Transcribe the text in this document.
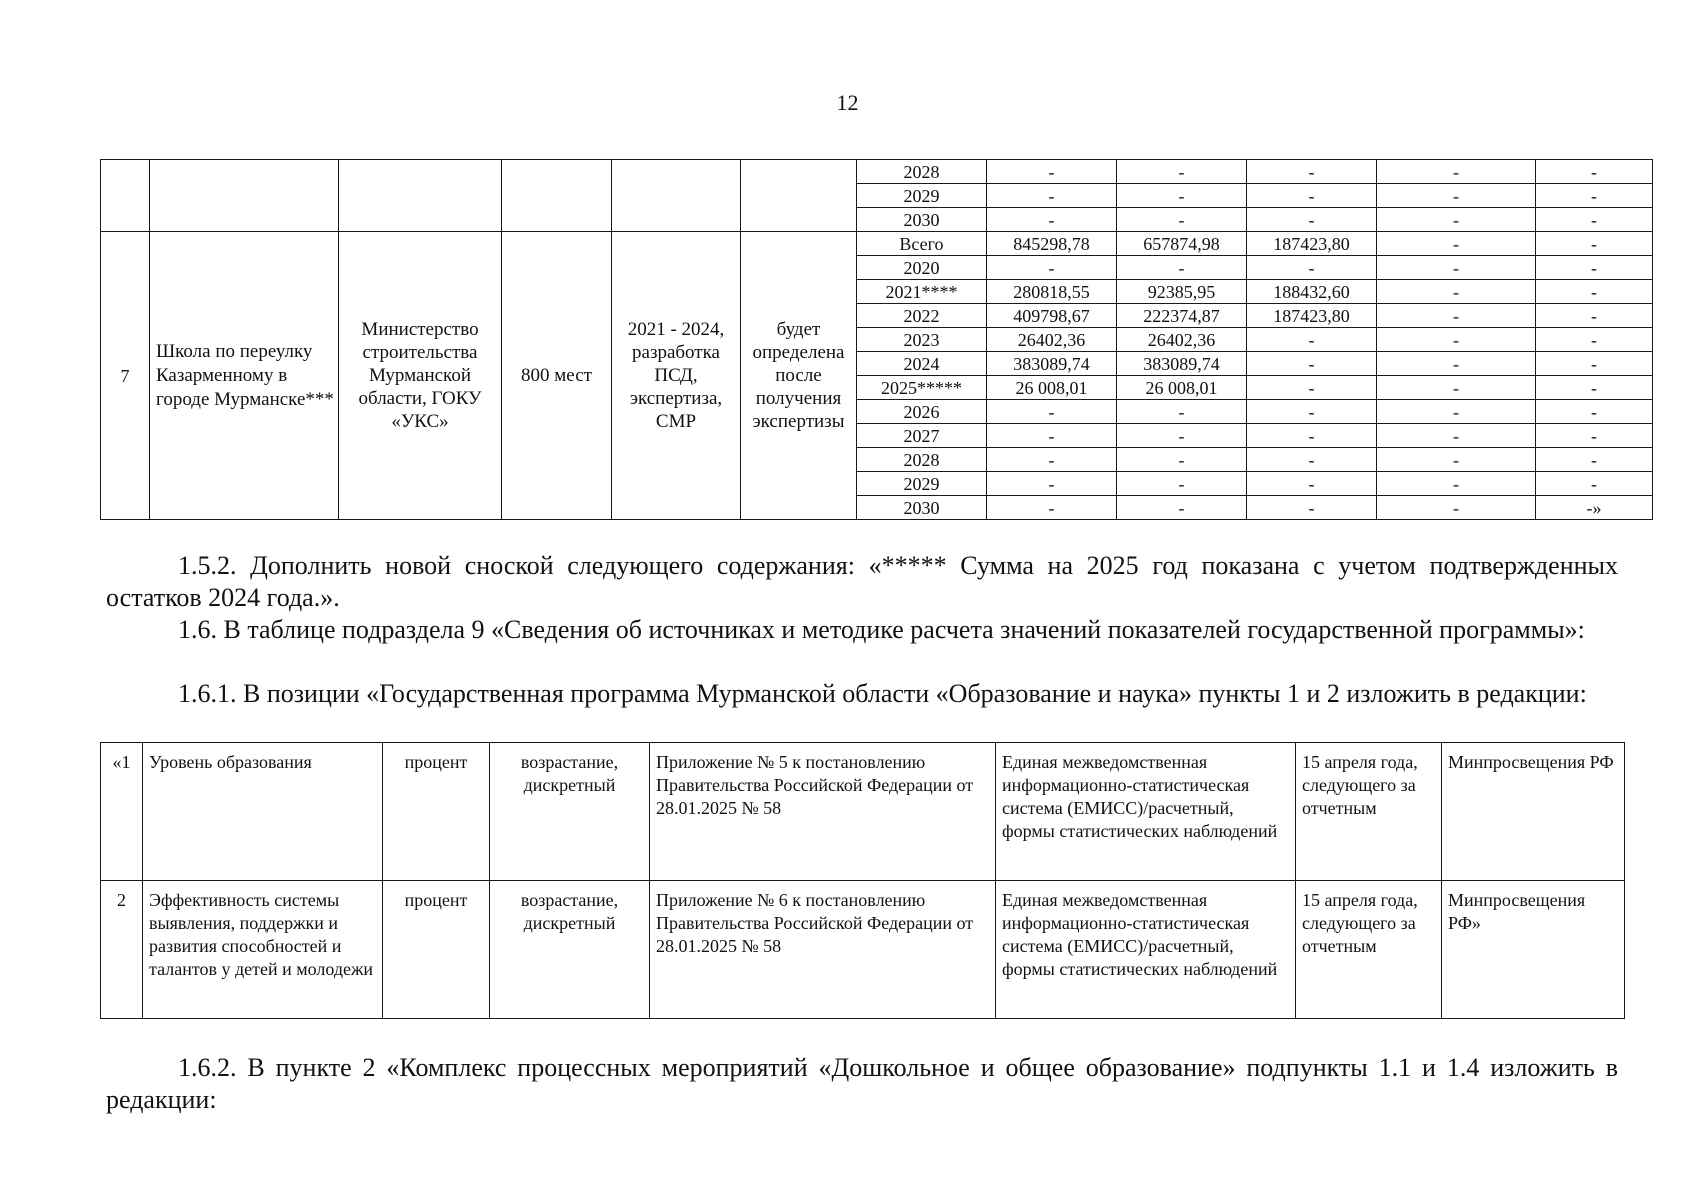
12
						2028	-	-	-	-	-
						2029	-	-	-	-	-
						2030	-	-	-	-	-
7	Школа по переулку Казарменному в городе Мурманске***	Министерство строительства Мурманской области, ГОКУ «УКС»	800 мест	2021 - 2024, разработка ПСД, экспертиза, СМР	будет определена после получения экспертизы	Всего	845298,78	657874,98	187423,80	-	-
						2020	-	-	-	-	-
						2021****	280818,55	92385,95	188432,60	-	-
						2022	409798,67	222374,87	187423,80	-	-
						2023	26402,36	26402,36	-	-	-
						2024	383089,74	383089,74	-	-	-
						2025*****	26 008,01	26 008,01	-	-	-
						2026	-	-	-	-	-
						2027	-	-	-	-	-
						2028	-	-	-	-	-
						2029	-	-	-	-	-
						2030	-	-	-	-	-»
1.5.2. Дополнить новой сноской следующего содержания: «***** Сумма на 2025 год показана с учетом подтвержденных остатков 2024 года.».
1.6. В таблице подраздела 9 «Сведения об источниках и методике расчета значений показателей государственной программы»:
1.6.1. В позиции «Государственная программа Мурманской области «Образование и наука» пункты 1 и 2 изложить в редакции:
«1	Уровень образования	процент	возрастание, дискретный	Приложение № 5 к постановлению Правительства Российской Федерации от 28.01.2025 № 58	Единая межведомственная информационно-статистическая система (ЕМИСС)/расчетный, формы статистических наблюдений	15 апреля года, следующего за отчетным	Минпросвещения РФ
2	Эффективность системы выявления, поддержки и развития способностей и талантов у детей и молодежи	процент	возрастание, дискретный	Приложение № 6 к постановлению Правительства Российской Федерации от 28.01.2025 № 58	Единая межведомственная информационно-статистическая система (ЕМИСС)/расчетный, формы статистических наблюдений	15 апреля года, следующего за отчетным	Минпросвещения РФ»
1.6.2. В пункте 2 «Комплекс процессных мероприятий «Дошкольное и общее образование» подпункты 1.1 и 1.4 изложить в редакции:
